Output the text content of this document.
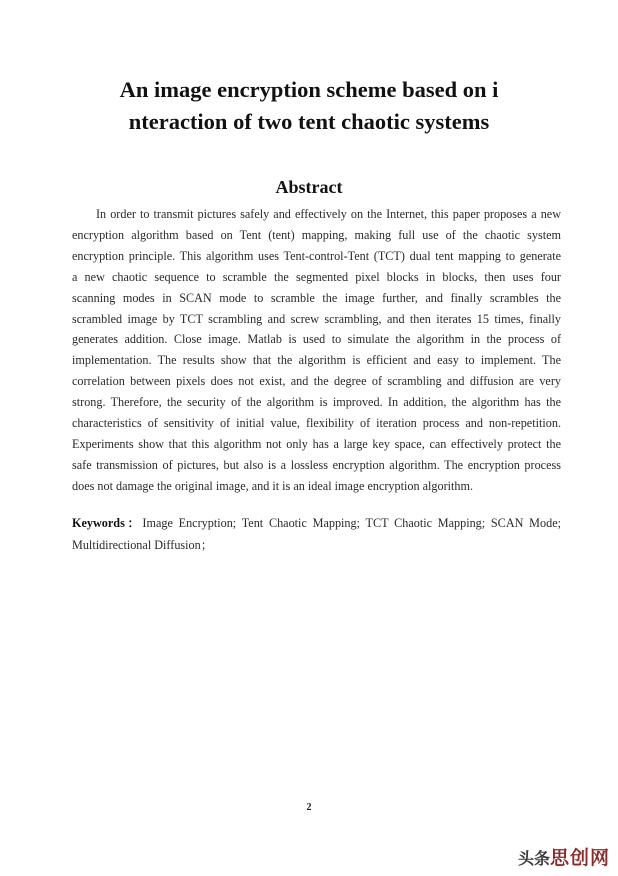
An image encryption scheme based on i
nteraction of two tent chaotic systems
Abstract
In order to transmit pictures safely and effectively on the Internet, this paper proposes a new
encryption algorithm based on Tent (tent) mapping, making full use of the chaotic system
encryption principle. This algorithm uses Tent-control-Tent (TCT) dual tent mapping to generate
a new chaotic sequence to scramble the segmented pixel blocks in blocks, then uses four
scanning modes in SCAN mode to scramble the image further, and finally scrambles the
scrambled image by TCT scrambling and screw scrambling, and then iterates 15 times, finally
generates addition. Close image. Matlab is used to simulate the algorithm in the process of
implementation. The results show that the algorithm is efficient and easy to implement. The
correlation between pixels does not exist, and the degree of scrambling and diffusion are very
strong. Therefore, the security of the algorithm is improved. In addition, the algorithm has the
characteristics of sensitivity of initial value, flexibility of iteration process and non-repetition.
Experiments show that this algorithm not only has a large key space, can effectively protect the
safe transmission of pictures, but also is a lossless encryption algorithm. The encryption process
does not damage the original image, and it is an ideal image encryption algorithm.
Keywords：Image Encryption; Tent Chaotic Mapping; TCT Chaotic Mapping; SCAN Mode;
Multidirectional Diffusion；
2
头条思创网
